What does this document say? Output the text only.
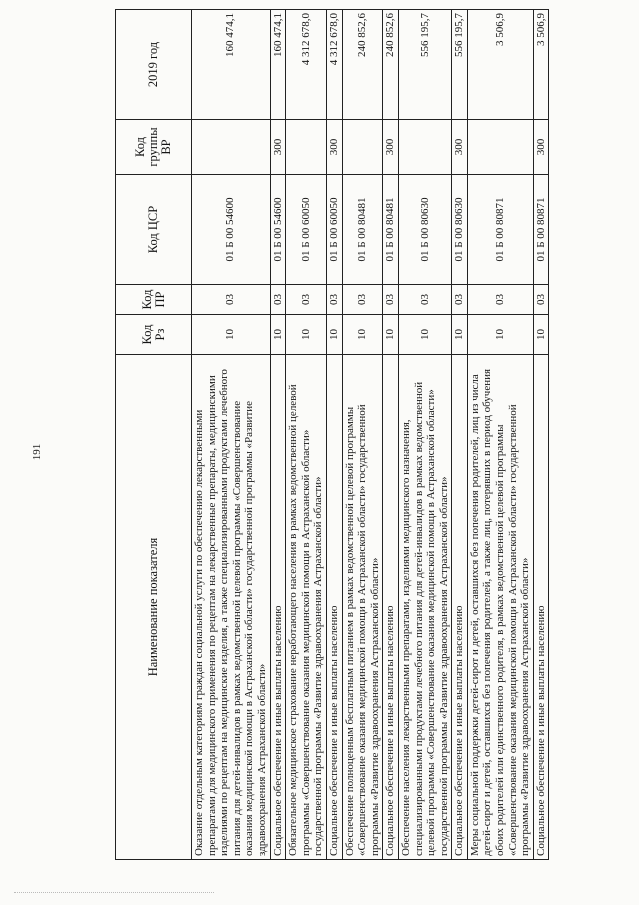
191
Наименование показателя	Код Рз	Код ПР	Код ЦСР	Код группы ВР	2019 год
Оказание отдельным категориям граждан социальной услуги по обеспечению лекарственными препаратами для медицинского применения по рецептам на лекарственные препараты, медицинскими изделиями по рецептам на медицинские изделия, а также специализированными продуктами лечебного питания для детей-инвалидов в рамках ведомственной целевой программы «Совершенствование оказания медицинской помощи в Астраханской области» государственной программы «Развитие здравоохранения Астраханской области»	10	03	01 Б 00 54600		160 474,1
Социальное обеспечение и иные выплаты населению	10	03	01 Б 00 54600	300	160 474,1
Обязательное медицинское страхование неработающего населения в рамках ведомственной целевой программы «Совершенствование оказания медицинской помощи в Астраханской области» государственной программы «Развитие здравоохранения Астраханской области»	10	03	01 Б 00 60050		4 312 678,0
Социальное обеспечение и иные выплаты населению	10	03	01 Б 00 60050	300	4 312 678,0
Обеспечение полноценным бесплатным питанием в рамках ведомственной целевой программы «Совершенствование оказания медицинской помощи в Астраханской области» государственной программы «Развитие здравоохранения Астраханской области»	10	03	01 Б 00 80481		240 852,6
Социальное обеспечение и иные выплаты населению	10	03	01 Б 00 80481	300	240 852,6
Обеспечение населения лекарственными препаратами, изделиями медицинского назначения, специализированными продуктами лечебного питания для детей-инвалидов в рамках ведомственной целевой программы «Совершенствование оказания медицинской помощи в Астраханской области» государственной программы «Развитие здравоохранения Астраханской области»	10	03	01 Б 00 80630		556 195,7
Социальное обеспечение и иные выплаты населению	10	03	01 Б 00 80630	300	556 195,7
Меры социальной поддержки детей-сирот и детей, оставшихся без попечения родителей, лиц из числа детей-сирот и детей, оставшихся без попечения родителей, а также лиц, потерявших в период обучения обоих родителей или единственного родителя, в рамках ведомственной целевой программы «Совершенствование оказания медицинской помощи в Астраханской области» государственной программы «Развитие здравоохранения Астраханской области»	10	03	01 Б 00 80871		3 506,9
Социальное обеспечение и иные выплаты населению	10	03	01 Б 00 80871	300	3 506,9
